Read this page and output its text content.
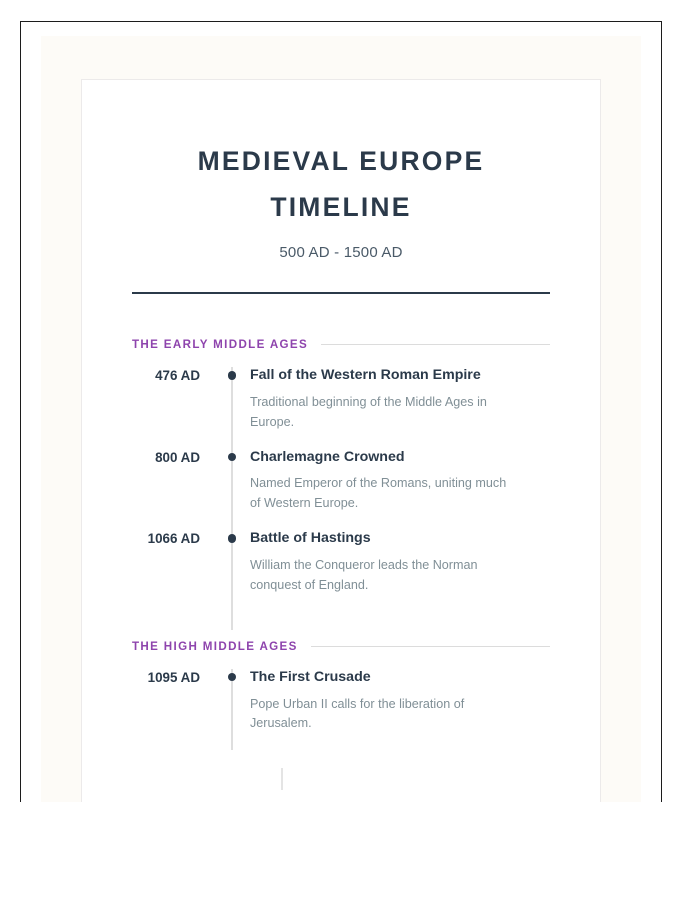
MEDIEVAL EUROPE TIMELINE
500 AD - 1500 AD
THE EARLY MIDDLE AGES
476 AD	Fall of the Western Roman Empire
Traditional beginning of the Middle Ages in Europe.
800 AD	Charlemagne Crowned
Named Emperor of the Romans, uniting much of Western Europe.
1066 AD	Battle of Hastings
William the Conqueror leads the Norman conquest of England.
THE HIGH MIDDLE AGES
1095 AD	The First Crusade
Pope Urban II calls for the liberation of Jerusalem.
